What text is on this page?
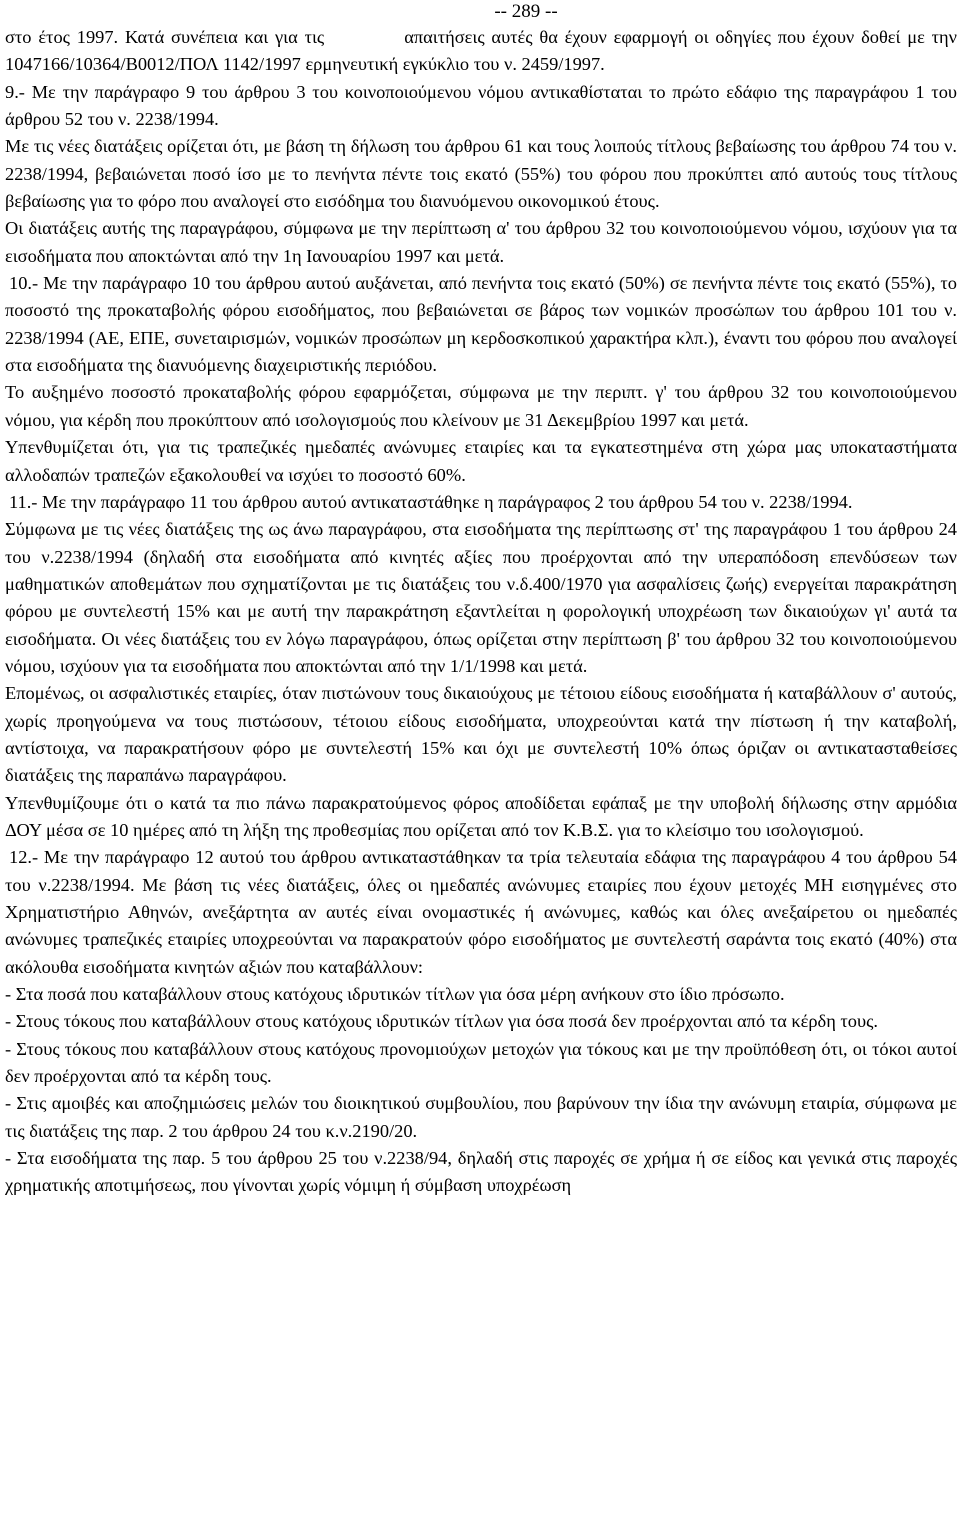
-- 289 --

στο έτος 1997. Κατά συνέπεια και για τις	απαιτήσεις αυτές θα έχουν εφαρμογή οι οδηγίες που έχουν δοθεί με την 1047166/10364/Β0012/ΠΟΛ 1142/1997 ερμηνευτική εγκύκλιο του ν. 2459/1997.

9.- Με την παράγραφο 9 του άρθρου 3 του κοινοποιούμενου νόμου αντικαθίσταται το πρώτο εδάφιο της παραγράφου 1 του άρθρου 52 του ν. 2238/1994.

Με τις νέες διατάξεις ορίζεται ότι, με βάση τη δήλωση του άρθρου 61 και τους λοιπούς τίτλους βεβαίωσης του άρθρου 74 του ν. 2238/1994, βεβαιώνεται ποσό ίσο με το πενήντα πέντε τοις εκατό (55%) του φόρου που προκύπτει από αυτούς τους τίτλους βεβαίωσης για το φόρο που αναλογεί στο εισόδημα του διανυόμενου οικονομικού έτους.

Οι διατάξεις αυτής της παραγράφου, σύμφωνα με την περίπτωση α' του άρθρου 32 του κοινοποιούμενου νόμου, ισχύουν για τα εισοδήματα που αποκτώνται από την 1η Ιανουαρίου 1997 και μετά.

10.- Με την παράγραφο 10 του άρθρου αυτού αυξάνεται, από πενήντα τοις εκατό (50%) σε πενήντα πέντε τοις εκατό (55%), το ποσοστό της προκαταβολής φόρου εισοδήματος, που βεβαιώνεται σε βάρος των νομικών προσώπων του άρθρου 101 του ν. 2238/1994 (ΑΕ, ΕΠΕ, συνεταιρισμών, νομικών προσώπων μη κερδοσκοπικού χαρακτήρα κλπ.), έναντι του φόρου που αναλογεί στα εισοδήματα της διανυόμενης διαχειριστικής περιόδου.

Το αυξημένο ποσοστό προκαταβολής φόρου εφαρμόζεται, σύμφωνα με την περιπτ. γ' του άρθρου 32 του κοινοποιούμενου νόμου, για κέρδη που προκύπτουν από ισολογισμούς που κλείνουν με 31 Δεκεμβρίου 1997 και μετά.

Υπενθυμίζεται ότι, για τις τραπεζικές ημεδαπές ανώνυμες εταιρίες και τα εγκατεστημένα στη χώρα μας υποκαταστήματα αλλοδαπών τραπεζών εξακολουθεί να ισχύει το ποσοστό 60%.

11.- Με την παράγραφο 11 του άρθρου αυτού αντικαταστάθηκε η παράγραφος 2 του άρθρου 54 του ν. 2238/1994.

Σύμφωνα με τις νέες διατάξεις της ως άνω παραγράφου, στα εισοδήματα της περίπτωσης στ' της παραγράφου 1 του άρθρου 24 του ν.2238/1994 (δηλαδή στα εισοδήματα από κινητές αξίες που προέρχονται από την υπεραπόδοση επενδύσεων των μαθηματικών αποθεμάτων που σχηματίζονται με τις διατάξεις του ν.δ.400/1970 για ασφαλίσεις ζωής) ενεργείται παρακράτηση φόρου με συντελεστή 15% και με αυτή την παρακράτηση εξαντλείται η φορολογική υποχρέωση των δικαιούχων γι' αυτά τα εισοδήματα. Οι νέες διατάξεις του εν λόγω παραγράφου, όπως ορίζεται στην περίπτωση β' του άρθρου 32 του κοινοποιούμενου νόμου, ισχύουν για τα εισοδήματα που αποκτώνται από την 1/1/1998 και μετά.

Επομένως, οι ασφαλιστικές εταιρίες, όταν πιστώνουν τους δικαιούχους με τέτοιου είδους εισοδήματα ή καταβάλλουν σ' αυτούς, χωρίς προηγούμενα να τους πιστώσουν, τέτοιου είδους εισοδήματα, υποχρεούνται κατά την πίστωση ή την καταβολή, αντίστοιχα, να παρακρατήσουν φόρο με συντελεστή 15% και όχι με συντελεστή 10% όπως όριζαν οι αντικατασταθείσες διατάξεις της παραπάνω παραγράφου.

Υπενθυμίζουμε ότι ο κατά τα πιο πάνω παρακρατούμενος φόρος αποδίδεται εφάπαξ με την υποβολή δήλωσης στην αρμόδια ΔΟΥ μέσα σε 10 ημέρες από τη λήξη της προθεσμίας που ορίζεται από τον Κ.Β.Σ. για το κλείσιμο του ισολογισμού.

12.- Με την παράγραφο 12 αυτού του άρθρου αντικαταστάθηκαν τα τρία τελευταία εδάφια της παραγράφου 4 του άρθρου 54 του ν.2238/1994. Με βάση τις νέες διατάξεις, όλες οι ημεδαπές ανώνυμες εταιρίες που έχουν μετοχές ΜΗ εισηγμένες στο Χρηματιστήριο Αθηνών, ανεξάρτητα αν αυτές είναι ονομαστικές ή ανώνυμες, καθώς και όλες ανεξαίρετου οι ημεδαπές ανώνυμες τραπεζικές εταιρίες υποχρεούνται να παρακρατούν φόρο εισοδήματος με συντελεστή σαράντα τοις εκατό (40%) στα ακόλουθα εισοδήματα κινητών αξιών που καταβάλλουν:

- Στα ποσά που καταβάλλουν στους κατόχους ιδρυτικών τίτλων για όσα μέρη ανήκουν στο ίδιο πρόσωπο.

- Στους τόκους που καταβάλλουν στους κατόχους ιδρυτικών τίτλων για όσα ποσά δεν προέρχονται από τα κέρδη τους.

- Στους τόκους που καταβάλλουν στους κατόχους προνομιούχων μετοχών για τόκους και με την προϋπόθεση ότι, οι τόκοι αυτοί δεν προέρχονται από τα κέρδη τους.

- Στις αμοιβές και αποζημιώσεις μελών του διοικητικού συμβουλίου, που βαρύνουν την ίδια την ανώνυμη εταιρία, σύμφωνα με τις διατάξεις της παρ. 2 του άρθρου 24 του κ.ν.2190/20.

- Στα εισοδήματα της παρ. 5 του άρθρου 25 του ν.2238/94, δηλαδή στις παροχές σε χρήμα ή σε είδος και γενικά στις παροχές χρηματικής αποτιμήσεως, που γίνονται χωρίς νόμιμη ή σύμβαση υποχρέωση
